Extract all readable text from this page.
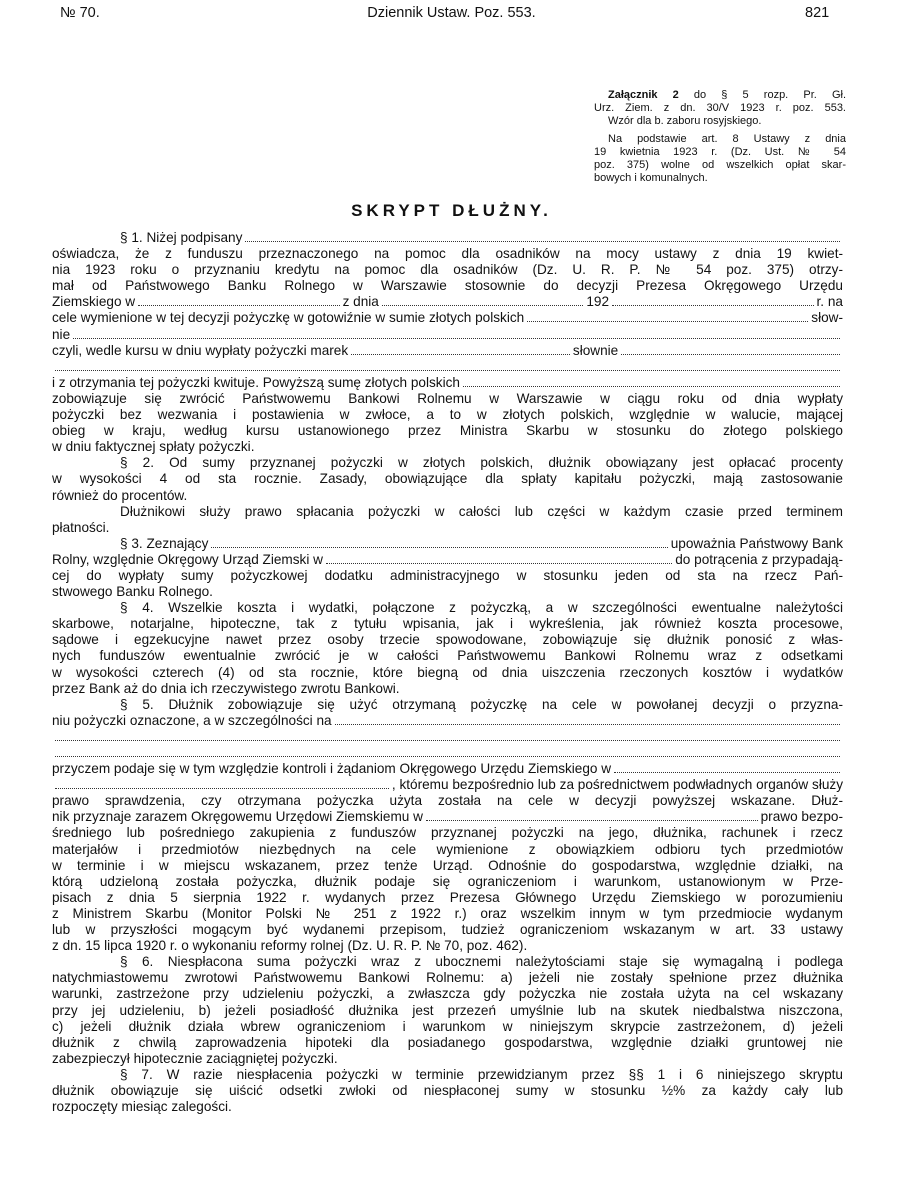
№ 70.	Dziennik Ustaw. Poz. 553.	821
Załącznik 2 do § 5 rozp. Pr. Gł.
Urz. Ziem. z dn. 30/V 1923 r. poz. 553.
Wzór dla b. zaboru rosyjskiego.
Na podstawie art. 8 Ustawy z dnia
19 kwietnia 1923 r. (Dz. Ust. № 54
poz. 375) wolne od wszelkich opłat skar-
bowych i komunalnych.
SKRYPT DŁUŻNY.
§ 1. Niżej podpisany
oświadcza, że z funduszu przeznaczonego na pomoc dla osadników na mocy ustawy z dnia 19 kwiet-
nia 1923 roku o przyznaniu kredytu na pomoc dla osadników (Dz. U. R. P. № 54 poz. 375) otrzy-
mał od Państwowego Banku Rolnego w Warszawie stosownie do decyzji Prezesa Okręgowego Urzędu
Ziemskiego w	z dnia	192	r. na
cele wymienione w tej decyzji pożyczkę w gotowiźnie w sumie złotych polskich	słow-
nie
czyli, wedle kursu w dniu wypłaty pożyczki marek	słownie
i z otrzymania tej pożyczki kwituje. Powyższą sumę złotych polskich
zobowiązuje się zwrócić Państwowemu Bankowi Rolnemu w Warszawie w ciągu roku od dnia wypłaty
pożyczki bez wezwania i postawienia w zwłoce, a to w złotych polskich, względnie w walucie, mającej
obieg w kraju, według kursu ustanowionego przez Ministra Skarbu w stosunku do złotego polskiego
w dniu faktycznej spłaty pożyczki.
§ 2. Od sumy przyznanej pożyczki w złotych polskich, dłużnik obowiązany jest opłacać procenty
w wysokości 4 od sta rocznie. Zasady, obowiązujące dla spłaty kapitału pożyczki, mają zastosowanie
również do procentów.
Dłużnikowi służy prawo spłacania pożyczki w całości lub części w każdym czasie przed terminem
płatności.
§ 3. Zeznający	upoważnia Państwowy Bank
Rolny, względnie Okręgowy Urząd Ziemski w	do potrącenia z przypadają-
cej do wypłaty sumy pożyczkowej dodatku administracyjnego w stosunku jeden od sta na rzecz Pań-
stwowego Banku Rolnego.
§ 4. Wszelkie koszta i wydatki, połączone z pożyczką, a w szczególności ewentualne należytości
skarbowe, notarjalne, hipoteczne, tak z tytułu wpisania, jak i wykreślenia, jak również koszta procesowe,
sądowe i egzekucyjne nawet przez osoby trzecie spowodowane, zobowiązuje się dłużnik ponosić z włas-
nych funduszów ewentualnie zwrócić je w całości Państwowemu Bankowi Rolnemu wraz z odsetkami
w wysokości czterech (4) od sta rocznie, które biegną od dnia uiszczenia rzeczonych kosztów i wydatków
przez Bank aż do dnia ich rzeczywistego zwrotu Bankowi.
§ 5. Dłużnik zobowiązuje się użyć otrzymaną pożyczkę na cele w powołanej decyzji o przyzna-
niu pożyczki oznaczone, a w szczególności na
przyczem podaje się w tym względzie kontroli i żądaniom Okręgowego Urzędu Ziemskiego w
, któremu bezpośrednio lub za pośrednictwem podwładnych organów służy
prawo sprawdzenia, czy otrzymana pożyczka użyta została na cele w decyzji powyższej wskazane. Dłuż-
nik przyznaje zarazem Okręgowemu Urzędowi Ziemskiemu w	prawo bezpo-
średniego lub pośredniego zakupienia z funduszów przyznanej pożyczki na jego, dłużnika, rachunek i rzecz
materjałów i przedmiotów niezbędnych na cele wymienione z obowiązkiem odbioru tych przedmiotów
w terminie i w miejscu wskazanem, przez tenże Urząd. Odnośnie do gospodarstwa, względnie działki, na
którą udzieloną została pożyczka, dłużnik podaje się ograniczeniom i warunkom, ustanowionym w Prze-
pisach z dnia 5 sierpnia 1922 r. wydanych przez Prezesa Głównego Urzędu Ziemskiego w porozumieniu
z Ministrem Skarbu (Monitor Polski № 251 z 1922 r.) oraz wszelkim innym w tym przedmiocie wydanym
lub w przyszłości mogącym być wydanemi przepisom, tudzież ograniczeniom wskazanym w art. 33 ustawy
z dn. 15 lipca 1920 r. o wykonaniu reformy rolnej (Dz. U. R. P. № 70, poz. 462).
§ 6. Niespłacona suma pożyczki wraz z ubocznemi należytościami staje się wymagalną i podlega
natychmiastowemu zwrotowi Państwowemu Bankowi Rolnemu: a) jeżeli nie zostały spełnione przez dłużnika
warunki, zastrzeżone przy udzieleniu pożyczki, a zwłaszcza gdy pożyczka nie została użyta na cel wskazany
przy jej udzieleniu, b) jeżeli posiadłość dłużnika jest przezeń umyślnie lub na skutek niedbalstwa niszczona,
c) jeżeli dłużnik działa wbrew ograniczeniom i warunkom w niniejszym skrypcie zastrzeżonem, d) jeżeli
dłużnik z chwilą zaprowadzenia hipoteki dla posiadanego gospodarstwa, względnie działki gruntowej nie
zabezpieczył hipotecznie zaciągniętej pożyczki.
§ 7. W razie niespłacenia pożyczki w terminie przewidzianym przez §§ 1 i 6 niniejszego skryptu
dłużnik obowiązuje się uiścić odsetki zwłoki od niespłaconej sumy w stosunku ½% za każdy cały lub
rozpoczęty miesiąc zalegości.
